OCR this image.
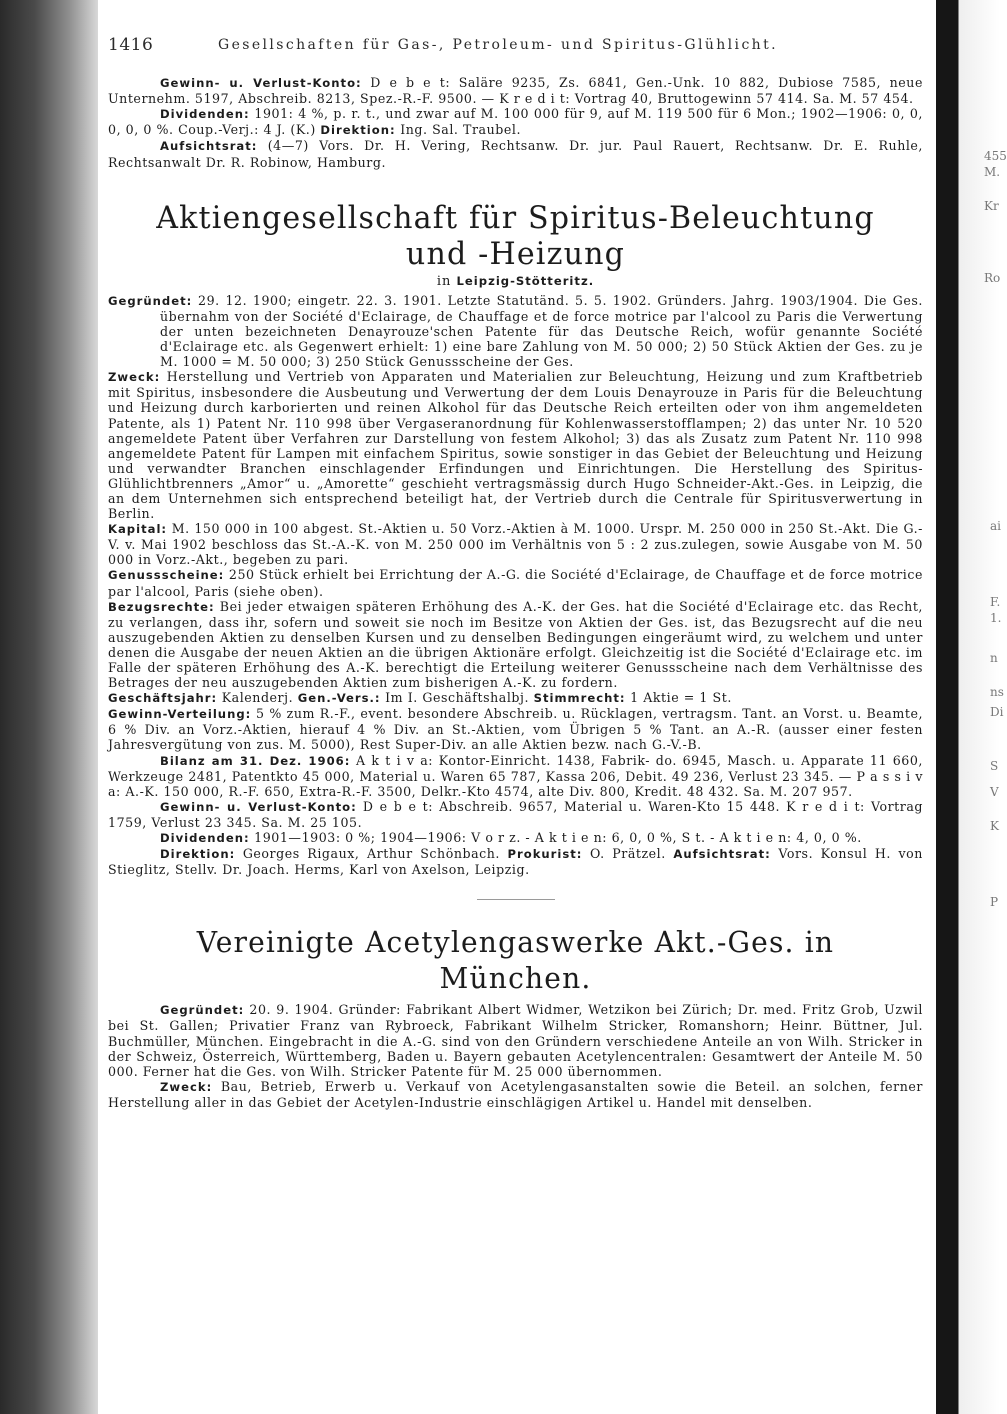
455
M.
Kr
Ro
ai
F.
1.
n
ns
Di
S
V
K
P
1416	Gesellschaften für Gas-, Petroleum- und Spiritus-Glühlicht.

Gewinn- u. Verlust-Konto: D e b e t: Saläre 9235, Zs. 6841, Gen.-Unk. 10 882, Dubiose 7585, neue Unternehm. 5197, Abschreib. 8213, Spez.-R.-F. 9500. — K r e d i t: Vortrag 40, Bruttogewinn 57 414. Sa. M. 57 454.

Dividenden: 1901: 4 %, p. r. t., und zwar auf M. 100 000 für 9, auf M. 119 500 für 6 Mon.; 1902—1906: 0, 0, 0, 0, 0 %. Coup.-Verj.: 4 J. (K.) Direktion: Ing. Sal. Traubel.

Aufsichtsrat: (4—7) Vors. Dr. H. Vering, Rechtsanw. Dr. jur. Paul Rauert, Rechtsanw. Dr. E. Ruhle, Rechtsanwalt Dr. R. Robinow, Hamburg.

Aktiengesellschaft für Spiritus-Beleuchtung und -Heizung
in Leipzig-Stötteritz.

Gegründet: 29. 12. 1900; eingetr. 22. 3. 1901. Letzte Statutänd. 5. 5. 1902. Gründers. Jahrg. 1903/1904. Die Ges. übernahm von der Société d'Eclairage, de Chauffage et de force motrice par l'alcool zu Paris die Verwertung der unten bezeichneten Denayrouze'schen Patente für das Deutsche Reich, wofür genannte Société d'Eclairage etc. als Gegenwert erhielt: 1) eine bare Zahlung von M. 50 000; 2) 50 Stück Aktien der Ges. zu je M. 1000 = M. 50 000; 3) 250 Stück Genussscheine der Ges.

Zweck: Herstellung und Vertrieb von Apparaten und Materialien zur Beleuchtung, Heizung und zum Kraftbetrieb mit Spiritus, insbesondere die Ausbeutung und Verwertung der dem Louis Denayrouze in Paris für die Beleuchtung und Heizung durch karborierten und reinen Alkohol für das Deutsche Reich erteilten oder von ihm angemeldeten Patente, als 1) Patent Nr. 110 998 über Vergaseranordnung für Kohlenwasserstofflampen; 2) das unter Nr. 10 520 angemeldete Patent über Verfahren zur Darstellung von festem Alkohol; 3) das als Zusatz zum Patent Nr. 110 998 angemeldete Patent für Lampen mit einfachem Spiritus, sowie sonstiger in das Gebiet der Beleuchtung und Heizung und verwandter Branchen einschlagender Erfindungen und Einrichtungen. Die Herstellung des Spiritus-Glühlichtbrenners „Amor“ u. „Amorette“ geschieht vertragsmässig durch Hugo Schneider-Akt.-Ges. in Leipzig, die an dem Unternehmen sich entsprechend beteiligt hat, der Vertrieb durch die Centrale für Spiritusverwertung in Berlin.

Kapital: M. 150 000 in 100 abgest. St.-Aktien u. 50 Vorz.-Aktien à M. 1000. Urspr. M. 250 000 in 250 St.-Akt. Die G.-V. v. Mai 1902 beschloss das St.-A.-K. von M. 250 000 im Verhältnis von 5 : 2 zus.zulegen, sowie Ausgabe von M. 50 000 in Vorz.-Akt., begeben zu pari.

Genussscheine: 250 Stück erhielt bei Errichtung der A.-G. die Société d'Eclairage, de Chauffage et de force motrice par l'alcool, Paris (siehe oben).

Bezugsrechte: Bei jeder etwaigen späteren Erhöhung des A.-K. der Ges. hat die Société d'Eclairage etc. das Recht, zu verlangen, dass ihr, sofern und soweit sie noch im Besitze von Aktien der Ges. ist, das Bezugsrecht auf die neu auszugebenden Aktien zu denselben Kursen und zu denselben Bedingungen eingeräumt wird, zu welchem und unter denen die Ausgabe der neuen Aktien an die übrigen Aktionäre erfolgt. Gleichzeitig ist die Société d'Eclairage etc. im Falle der späteren Erhöhung des A.-K. berechtigt die Erteilung weiterer Genussscheine nach dem Verhältnisse des Betrages der neu auszugebenden Aktien zum bisherigen A.-K. zu fordern.

Geschäftsjahr: Kalenderj. Gen.-Vers.: Im I. Geschäftshalbj. Stimmrecht: 1 Aktie = 1 St.

Gewinn-Verteilung: 5 % zum R.-F., event. besondere Abschreib. u. Rücklagen, vertragsm. Tant. an Vorst. u. Beamte, 6 % Div. an Vorz.-Aktien, hierauf 4 % Div. an St.-Aktien, vom Übrigen 5 % Tant. an A.-R. (ausser einer festen Jahresvergütung von zus. M. 5000), Rest Super-Div. an alle Aktien bezw. nach G.-V.-B.

Bilanz am 31. Dez. 1906: A k t i v a: Kontor-Einricht. 1438, Fabrik- do. 6945, Masch. u. Apparate 11 660, Werkzeuge 2481, Patentkto 45 000, Material u. Waren 65 787, Kassa 206, Debit. 49 236, Verlust 23 345. — P a s s i v a: A.-K. 150 000, R.-F. 650, Extra-R.-F. 3500, Delkr.-Kto 4574, alte Div. 800, Kredit. 48 432. Sa. M. 207 957.

Gewinn- u. Verlust-Konto: D e b e t: Abschreib. 9657, Material u. Waren-Kto 15 448. K r e d i t: Vortrag 1759, Verlust 23 345. Sa. M. 25 105.

Dividenden: 1901—1903: 0 %; 1904—1906: V o r z. - A k t i e n: 6, 0, 0 %, S t. - A k t i e n: 4, 0, 0 %.

Direktion: Georges Rigaux, Arthur Schönbach. Prokurist: O. Prätzel. Aufsichtsrat: Vors. Konsul H. von Stieglitz, Stellv. Dr. Joach. Herms, Karl von Axelson, Leipzig.

Vereinigte Acetylengaswerke Akt.-Ges. in München.

Gegründet: 20. 9. 1904. Gründer: Fabrikant Albert Widmer, Wetzikon bei Zürich; Dr. med. Fritz Grob, Uzwil bei St. Gallen; Privatier Franz van Rybroeck, Fabrikant Wilhelm Stricker, Romanshorn; Heinr. Büttner, Jul. Buchmüller, München. Eingebracht in die A.-G. sind von den Gründern verschiedene Anteile an von Wilh. Stricker in der Schweiz, Österreich, Württemberg, Baden u. Bayern gebauten Acetylencentralen: Gesamtwert der Anteile M. 50 000. Ferner hat die Ges. von Wilh. Stricker Patente für M. 25 000 übernommen.

Zweck: Bau, Betrieb, Erwerb u. Verkauf von Acetylengasanstalten sowie die Beteil. an solchen, ferner Herstellung aller in das Gebiet der Acetylen-Industrie einschlägigen Artikel u. Handel mit denselben.
